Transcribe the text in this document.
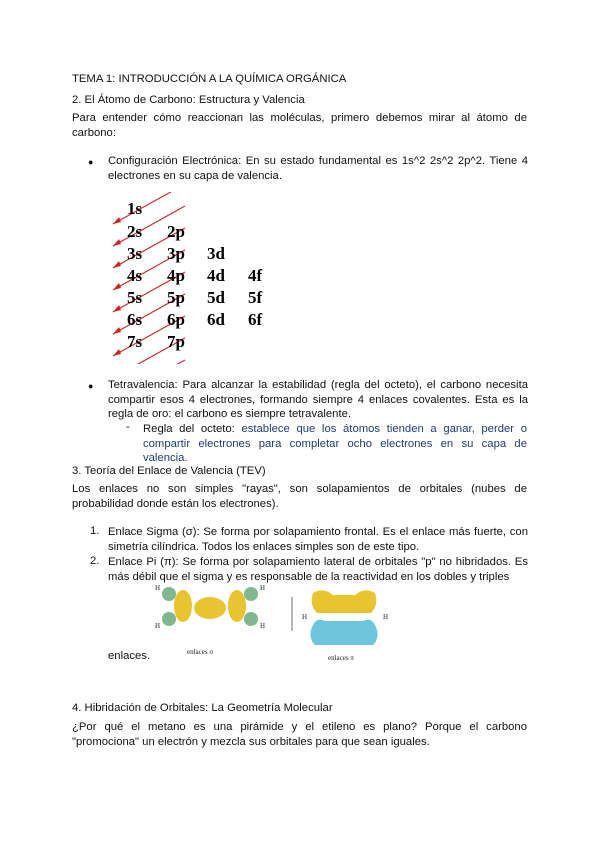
TEMA 1: INTRODUCCIÓN A LA QUÍMICA ORGÁNICA
2. El Átomo de Carbono: Estructura y Valencia
Para entender cómo reaccionan las moléculas, primero debemos mirar al átomo de carbono:
● Configuración Electrónica: En su estado fundamental es 1s^2 2s^2 2p^2. Tiene 4 electrones en su capa de valencia.
1s
2s 2p
3s 3p 3d
4s 4p 4d 4f
5s 5p 5d 5f
6s 6p 6d 6f
7s 7p
● Tetravalencia: Para alcanzar la estabilidad (regla del octeto), el carbono necesita compartir esos 4 electrones, formando siempre 4 enlaces covalentes. Esta es la regla de oro: el carbono es siempre tetravalente.
- Regla del octeto: establece que los átomos tienden a ganar, perder o compartir electrones para completar ocho electrones en su capa de valencia.
3. Teoría del Enlace de Valencia (TEV)
Los enlaces no son simples "rayas", son solapamientos de orbitales (nubes de probabilidad donde están los electrones).
1. Enlace Sigma (σ): Se forma por solapamiento frontal. Es el enlace más fuerte, con simetría cilíndrica. Todos los enlaces simples son de este tipo.
2. Enlace Pi (π): Se forma por solapamiento lateral de orbitales "p" no hibridados. Es más débil que el sigma y es responsable de la reactividad en los dobles y triples
H
H
H
H
enlaces σ
H	H
enlaces π
enlaces.
4. Hibridación de Orbitales: La Geometría Molecular
¿Por qué el metano es una pirámide y el etileno es plano? Porque el carbono "promociona" un electrón y mezcla sus orbitales para que sean iguales.
